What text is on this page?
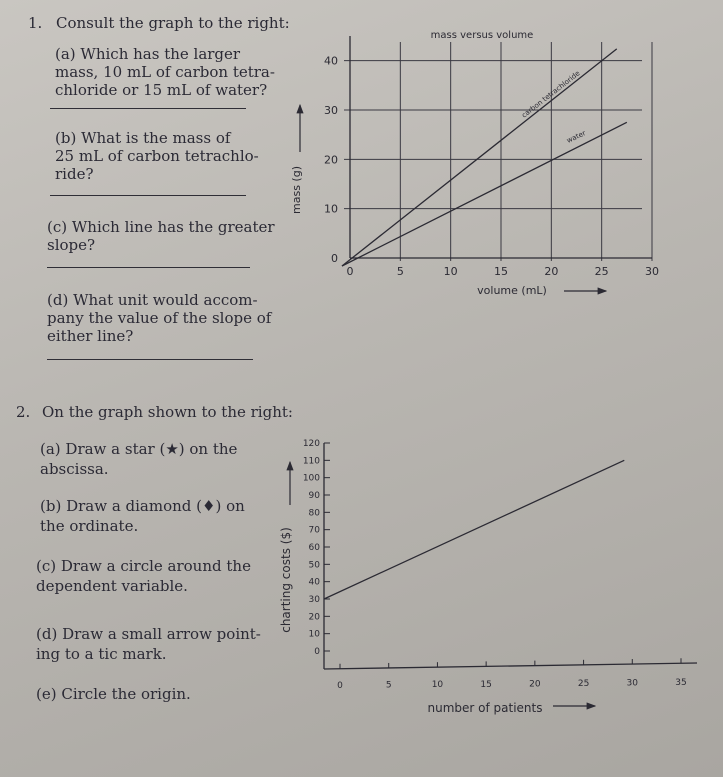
1. Consult the graph to the right:
(a) Which has the larger
mass, 10 mL of carbon tetra-
chloride or 15 mL of water?
(b) What is the mass of
25 mL of carbon tetrachlo-
ride?
(c) Which line has the greater
slope?
(d) What unit would accom-
pany the value of the slope of
either line?
2. On the graph shown to the right:
(a) Draw a star (★) on the
abscissa.
(b) Draw a diamond (♦) on
the ordinate.
(c) Draw a circle around the
dependent variable.
(d) Draw a small arrow point-
ing to a tic mark.
(e) Circle the origin.
0	5	10	15	20	25	30
0
10
20
30
40
mass versus volume
volume (mL)
mass (g)
carbon tetrachloride
water
0
10
20
30
40
50
60
70
80
90
100
110
120
0	5	10	15	20	25	30	35
number of patients
charting costs ($)
